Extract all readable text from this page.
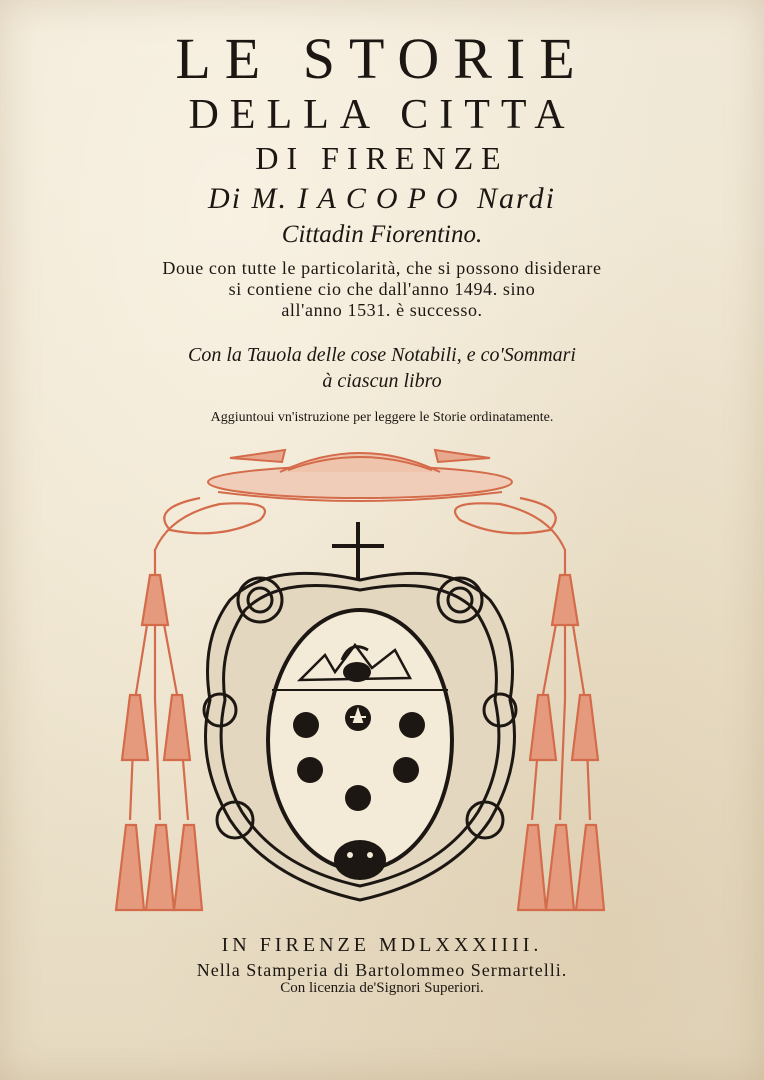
LE STORIE
DELLA CITTA
DI FIRENZE
Di M. IACOPO Nardi
Cittadin Fiorentino.
Doue con tutte le particolarità, che si possono disiderare
si contiene cio che dall'anno 1494. sino
all'anno 1531. è successo.
Con la Tauola delle cose Notabili, e co'Sommari
à ciascun libro
Aggiuntoui vn'istruzione per leggere le Storie ordinatamente.
IN FIRENZE MDLXXXIIII.
Nella Stamperia di Bartolommeo Sermartelli.
Con licenzia de'Signori Superiori.
